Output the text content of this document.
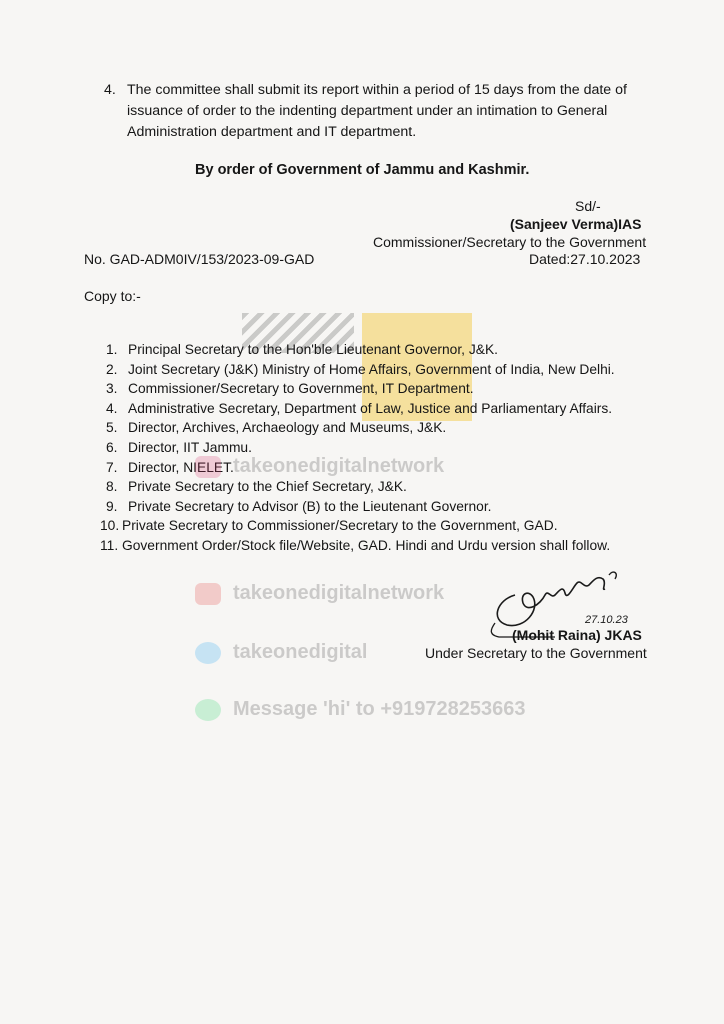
4. The committee shall submit its report within a period of 15 days from the date of issuance of order to the indenting department under an intimation to General Administration department and IT department.
By order of Government of Jammu and Kashmir.
Sd/-
(Sanjeev Verma)IAS
Commissioner/Secretary to the Government
No. GAD-ADM0IV/153/2023-09-GAD	Dated:27.10.2023
Copy to:-
1. Principal Secretary to the Hon'ble Lieutenant Governor, J&K.
2. Joint Secretary (J&K) Ministry of Home Affairs, Government of India, New Delhi.
3. Commissioner/Secretary to Government, IT Department.
4. Administrative Secretary, Department of Law, Justice and Parliamentary Affairs.
5. Director, Archives, Archaeology and Museums, J&K.
6. Director, IIT Jammu.
7. Director, NIELET.
8. Private Secretary to the Chief Secretary, J&K.
9. Private Secretary to Advisor (B) to the Lieutenant Governor.
10. Private Secretary to Commissioner/Secretary to the Government, GAD.
11. Government Order/Stock file/Website, GAD. Hindi and Urdu version shall follow.
takeonedigitalnetwork
takeonedigitalnetwork
takeonedigital
Message 'hi' to +919728253663
27.10.23
(Mohit Raina) JKAS
Under Secretary to the Government
